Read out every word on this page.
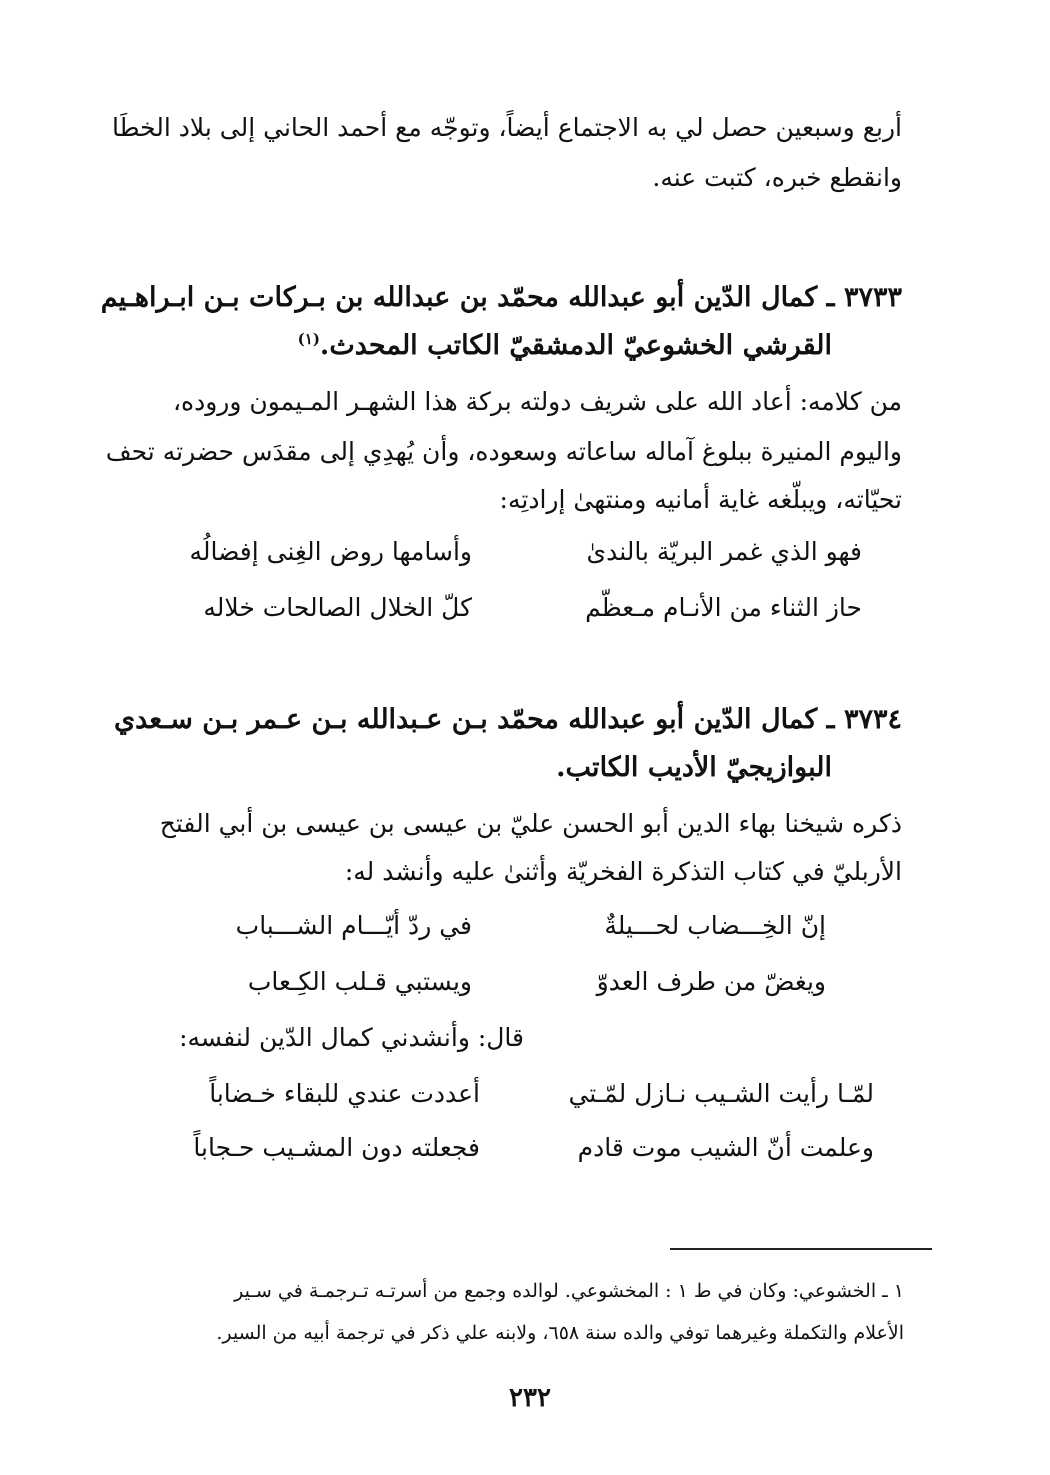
أربع وسبعين حصل لي به الاجتماع أيضاً، وتوجّه مع أحمد الحاني إلى بلاد الخطَا
وانقطع خبره، كتبت عنه.
٣٧٣٣ ـ كمال الدّين أبو عبدالله محمّد بن عبدالله بن بـركات بـن ابـراهـيم
القرشي الخشوعيّ الدمشقيّ الكاتب المحدث.$^{(١)}$
من كلامه: أعاد الله على شريف دولته بركة هذا الشهـر المـيمون وروده،
واليوم المنيرة ببلوغ آماله ساعاته وسعوده، وأن يُهدِي إلى مقدَس حضرته تحف
تحيّاته، ويبلّغه غاية أمانيه ومنتهىٰ إرادتِه:
فهو الذي غمر البريّة بالندىٰ
وأسامها روض الغِنى إفضالُه
حاز الثناء من الأنـام مـعظّم
كلّ الخلال الصالحات خلاله
٣٧٣٤ ـ كمال الدّين أبو عبدالله محمّد بـن عـبدالله بـن عـمر بـن سـعدي
البوازيجيّ الأديب الكاتب.
ذكره شيخنا بهاء الدين أبو الحسن عليّ بن عيسى بن عيسى بن أبي الفتح
الأربليّ في كتاب التذكرة الفخريّة وأثنىٰ عليه وأنشد له:
إنّ الخِـــضاب لحـــيلةٌ
في ردّ أيّـــام الشـــباب
ويغضّ من طرف العدوّ
ويستبي قـلب الكِـعاب
قال: وأنشدني كمال الدّين لنفسه:
لمّـا رأيت الشـيب نـازل لمّـتي
أعددت عندي للبقاء خـضاباً
وعلمت أنّ الشيب موت قادم
فجعلته دون المشـيب حـجاباً
١ ـ الخشوعي: وكان في ط ١ : المخشوعي. لوالده وجمع من أسرتـه تـرجمـة في سـير
الأعلام والتكملة وغيرهما توفي والده سنة ٦٥٨، ولابنه علي ذكر في ترجمة أبيه من السير.
٢٣٢
